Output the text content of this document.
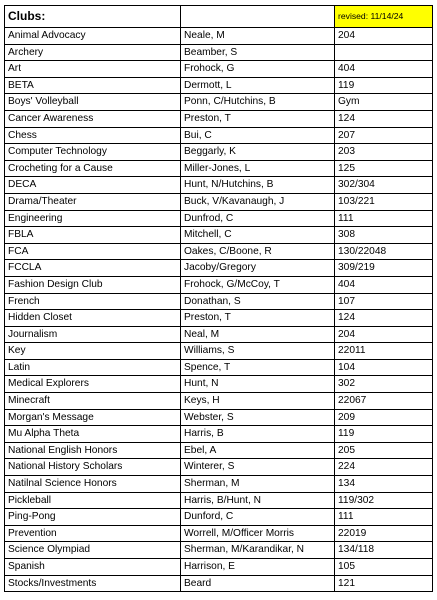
Clubs:		revised: 11/14/24
Animal Advocacy	Neale, M	204
Archery	Beamber, S	
Art	Frohock, G	404
BETA	Dermott, L	119
Boys' Volleyball	Ponn, C/Hutchins, B	Gym
Cancer Awareness	Preston, T	124
Chess	Bui, C	207
Computer Technology	Beggarly, K	203
Crocheting for a Cause	Miller-Jones, L	125
DECA	Hunt, N/Hutchins, B	302/304
Drama/Theater	Buck, V/Kavanaugh, J	103/221
Engineering	Dunfrod, C	111
FBLA	Mitchell, C	308
FCA	Oakes, C/Boone, R	130/22048
FCCLA	Jacoby/Gregory	309/219
Fashion Design Club	Frohock, G/McCoy, T	404
French	Donathan, S	107
Hidden Closet	Preston, T	124
Journalism	Neal, M	204
Key	Williams, S	22011
Latin	Spence, T	104
Medical Explorers	Hunt, N	302
Minecraft	Keys, H	22067
Morgan's Message	Webster, S	209
Mu Alpha Theta	Harris, B	119
National English Honors	Ebel, A	205
National History Scholars	Winterer, S	224
Natilnal Science Honors	Sherman, M	134
Pickleball	Harris, B/Hunt, N	119/302
Ping-Pong	Dunford, C	111
Prevention	Worrell, M/Officer Morris	22019
Science Olympiad	Sherman, M/Karandikar, N	134/118
Spanish	Harrison, E	105
Stocks/Investments	Beard	121
